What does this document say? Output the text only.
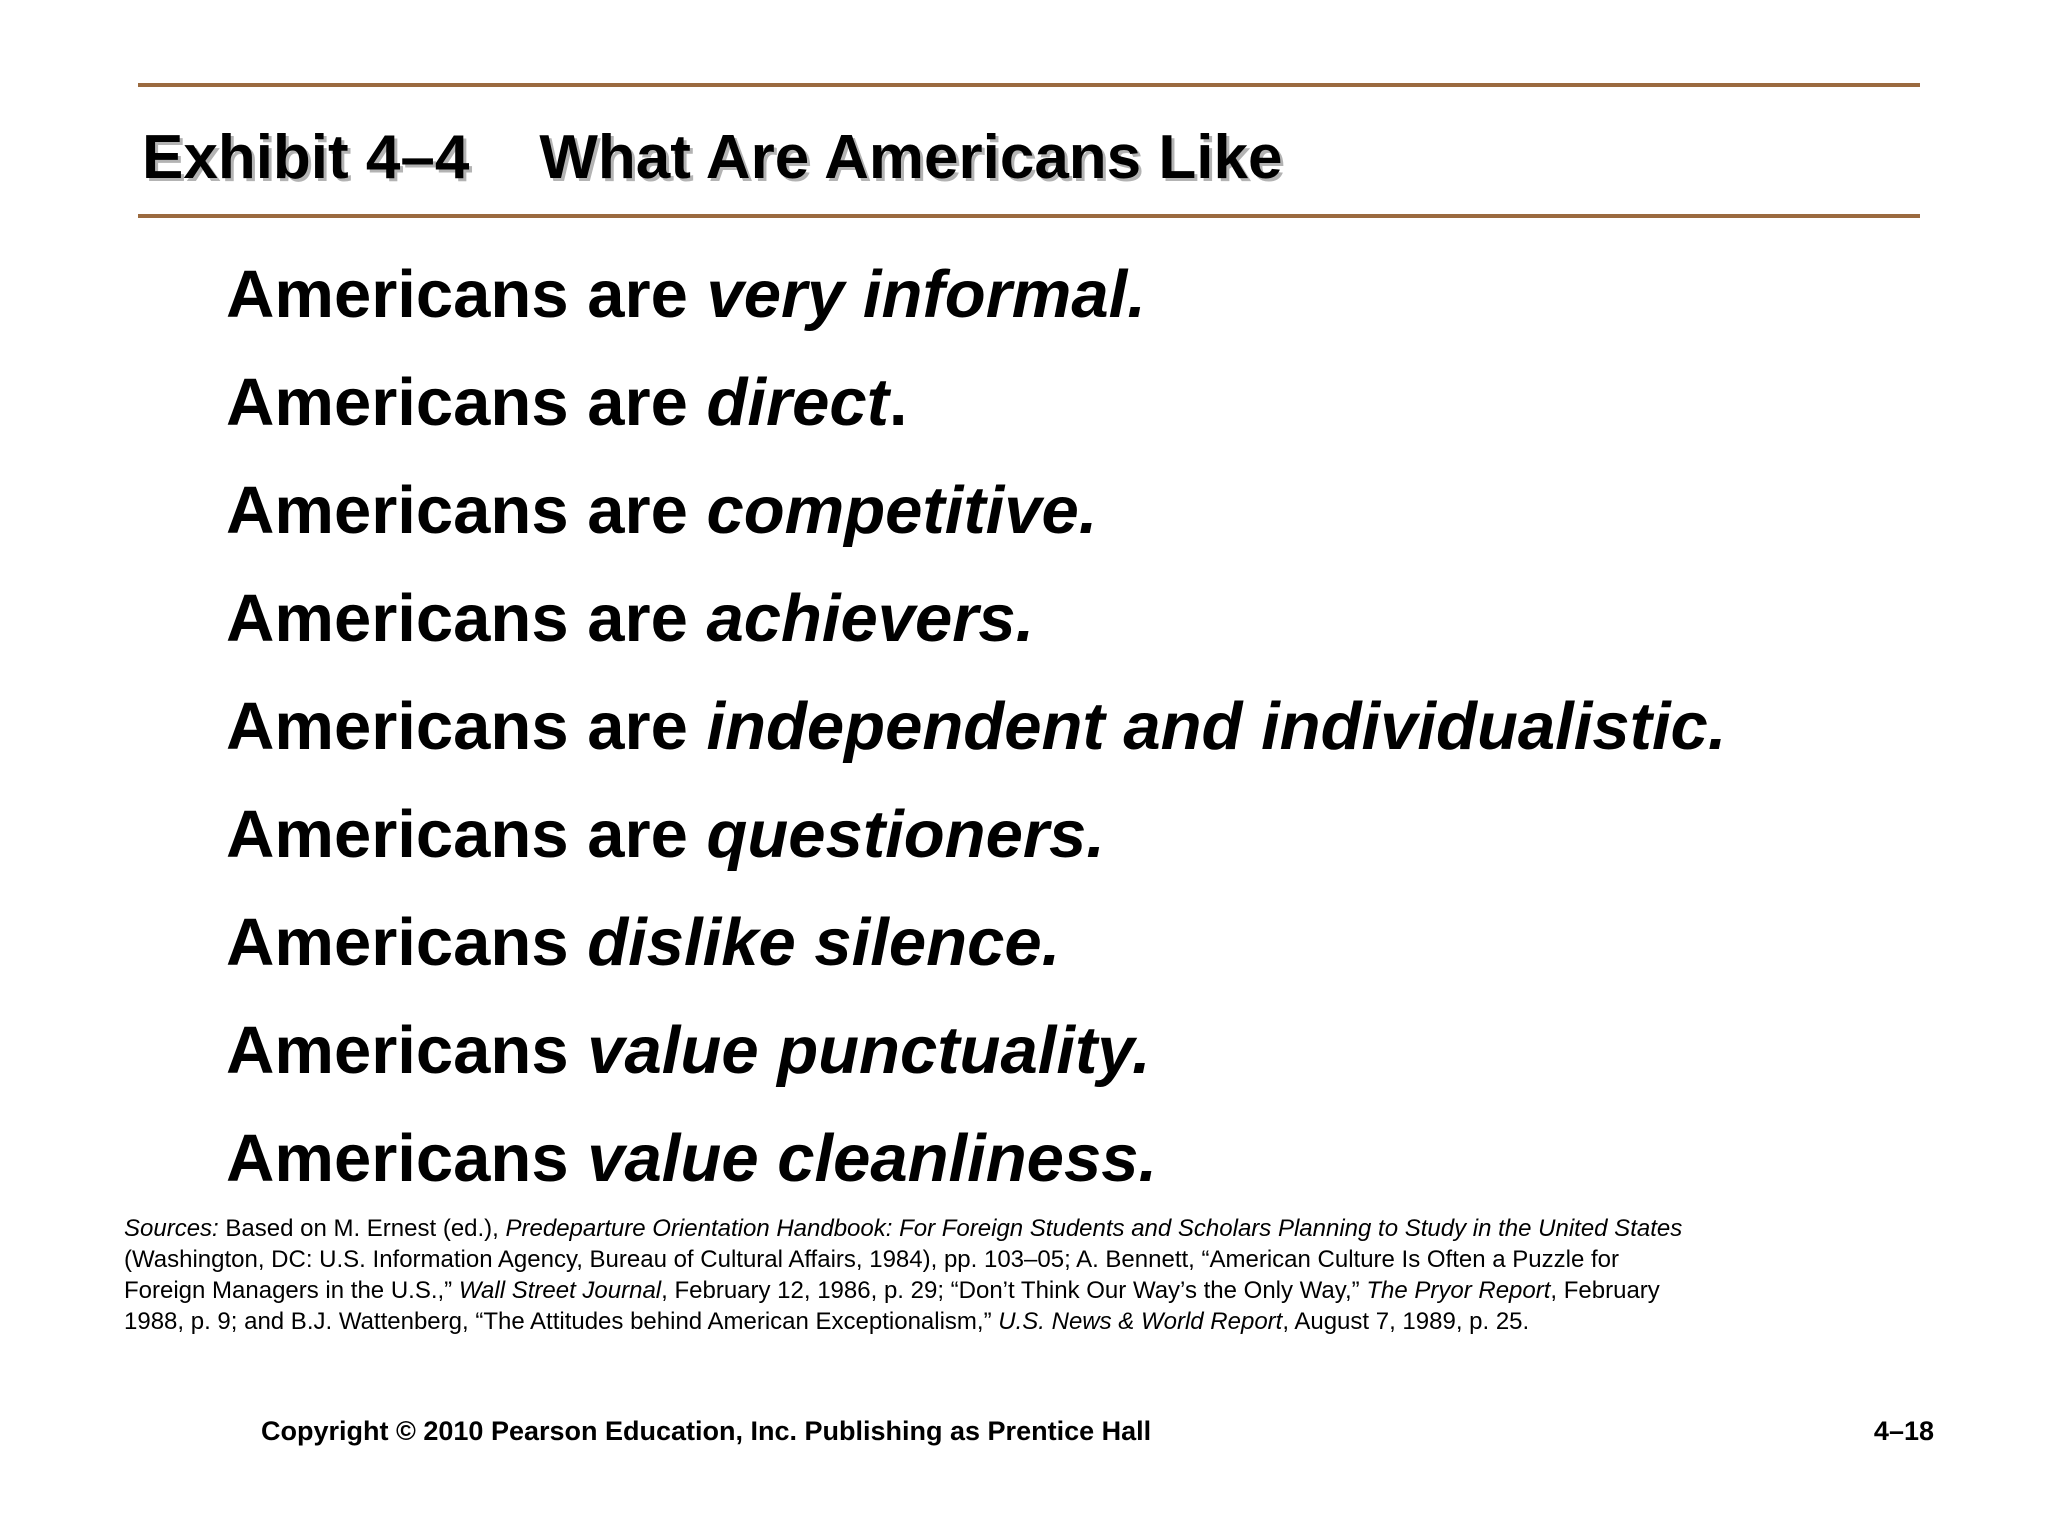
Exhibit 4–4 What Are Americans Like
Americans are very informal.
Americans are direct.
Americans are competitive.
Americans are achievers.
Americans are independent and individualistic.
Americans are questioners.
Americans dislike silence.
Americans value punctuality.
Americans value cleanliness.

Sources: Based on M. Ernest (ed.), Predeparture Orientation Handbook: For Foreign Students and Scholars Planning to Study in the United States (Washington, DC: U.S. Information Agency, Bureau of Cultural Affairs, 1984), pp. 103–05; A. Bennett, “American Culture Is Often a Puzzle for Foreign Managers in the U.S.,” Wall Street Journal, February 12, 1986, p. 29; “Don’t Think Our Way’s the Only Way,” The Pryor Report, February 1988, p. 9; and B.J. Wattenberg, “The Attitudes behind American Exceptionalism,” U.S. News & World Report, August 7, 1989, p. 25.

Copyright © 2010 Pearson Education, Inc. Publishing as Prentice Hall	4–18
